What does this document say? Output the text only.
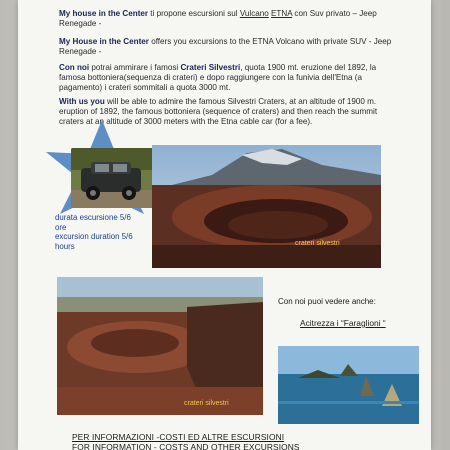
My house in the Center ti propone escursioni sul Vulcano ETNA con Suv privato – Jeep Renegade -
My House in the Center offers you excursions to the ETNA Volcano with private SUV - Jeep Renegade -
Con noi potrai ammirare i famosi Crateri Silvestri, quota 1900 mt. eruzione del 1892, la famosa bottoniera(sequenza di crateri) e dopo raggiungere con la funivia dell'Etna (a pagamento) i crateri sommitali a quota 3000 mt.
With us you will be able to admire the famous Silvestri Craters, at an altitude of 1900 m. eruption of 1892, the famous bottoniera (sequence of craters) and then reach the summit craters at an altitude of 3000 meters with the Etna cable car (for a fee).
durata escursione 5/6 ore
excursion duration 5/6 hours	crateri silvestri
crateri silvestri
Con noi puoi vedere anche:
Acitrezza i “Faraglioni “
PER INFORMAZIONI -COSTI ED ALTRE ESCURSIONI
FOR INFORMATION - COSTS AND OTHER EXCURSIONS
